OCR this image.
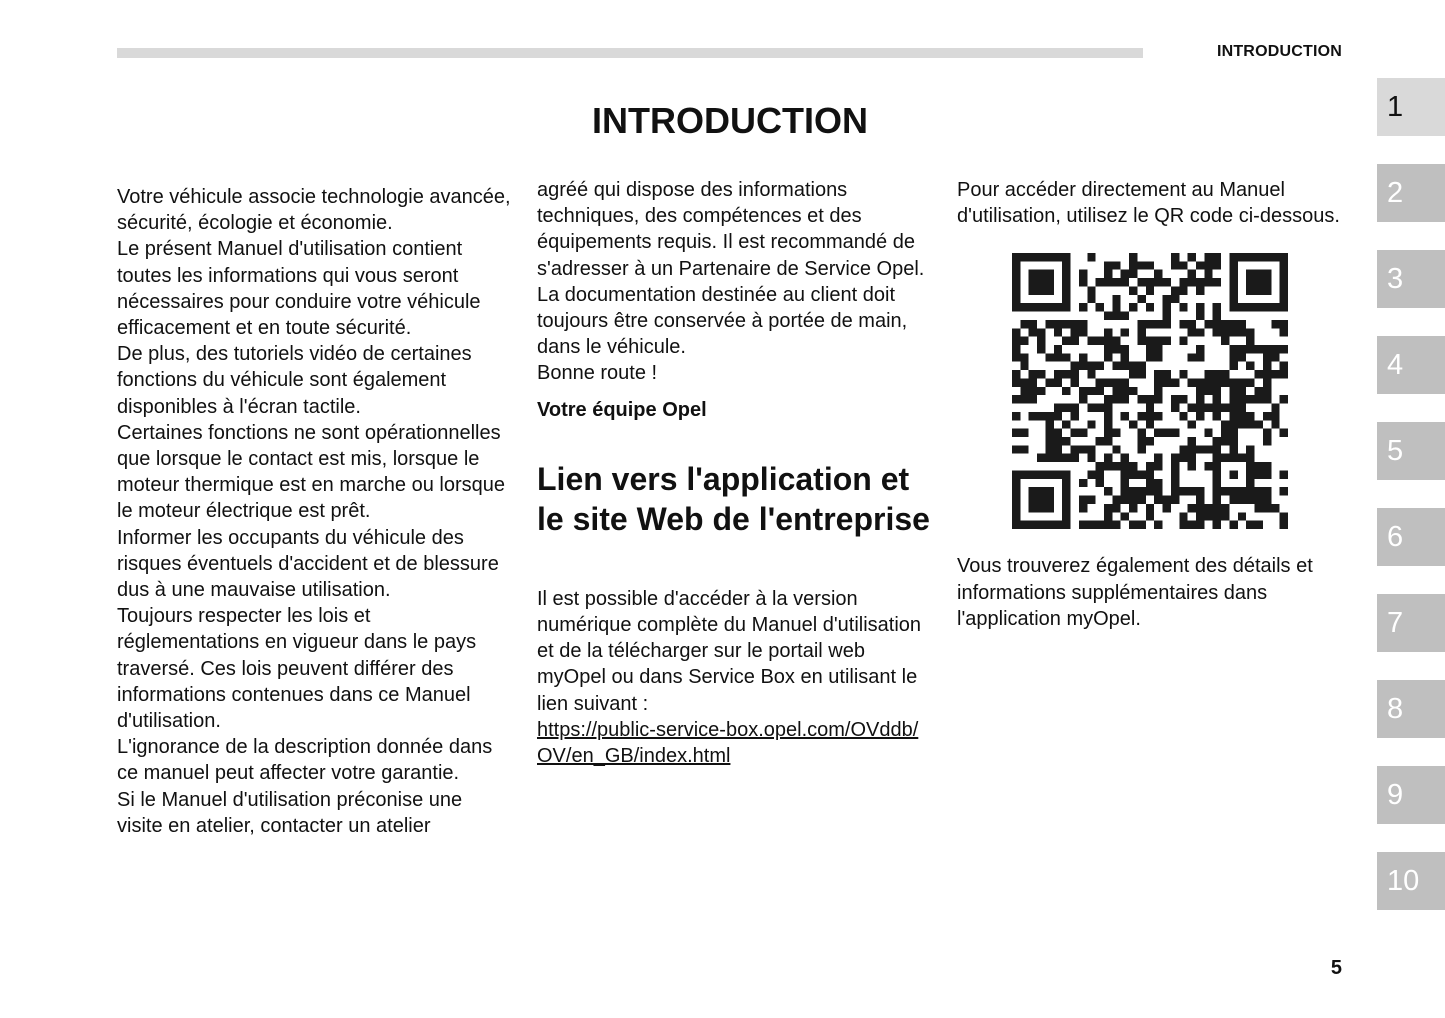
INTRODUCTION
INTRODUCTION

Votre véhicule associe technologie avancée, sécurité, écologie et économie.

Le présent Manuel d'utilisation contient toutes les informations qui vous seront nécessaires pour conduire votre véhicule efficacement et en toute sécurité.

De plus, des tutoriels vidéo de certaines fonctions du véhicule sont également disponibles à l'écran tactile.

Certaines fonctions ne sont opérationnelles que lorsque le contact est mis, lorsque le moteur thermique est en marche ou lorsque le moteur électrique est prêt.

Informer les occupants du véhicule des risques éventuels d'accident et de blessure dus à une mauvaise utilisation.

Toujours respecter les lois et réglementations en vigueur dans le pays traversé. Ces lois peuvent différer des informations contenues dans ce Manuel d'utilisation.

L'ignorance de la description donnée dans ce manuel peut affecter votre garantie.

Si le Manuel d'utilisation préconise une visite en atelier, contacter un atelier

agréé qui dispose des informations techniques, des compétences et des équipements requis. Il est recommandé de s'adresser à un Partenaire de Service Opel.

La documentation destinée au client doit toujours être conservée à portée de main, dans le véhicule.

Bonne route !

Votre équipe Opel

Lien vers l'application et le site Web de l'entreprise

Il est possible d'accéder à la version numérique complète du Manuel d'utilisation et de la télécharger sur le portail web myOpel ou dans Service Box en utilisant le lien suivant :

https://public-service-box.opel.com/OVddb/OV/en_GB/index.html

Pour accéder directement au Manuel d'utilisation, utilisez le QR code ci-dessous.

Vous trouverez également des détails et informations supplémentaires dans l'application myOpel.

1
2
3
4
5
6
7
8
9
10
5
